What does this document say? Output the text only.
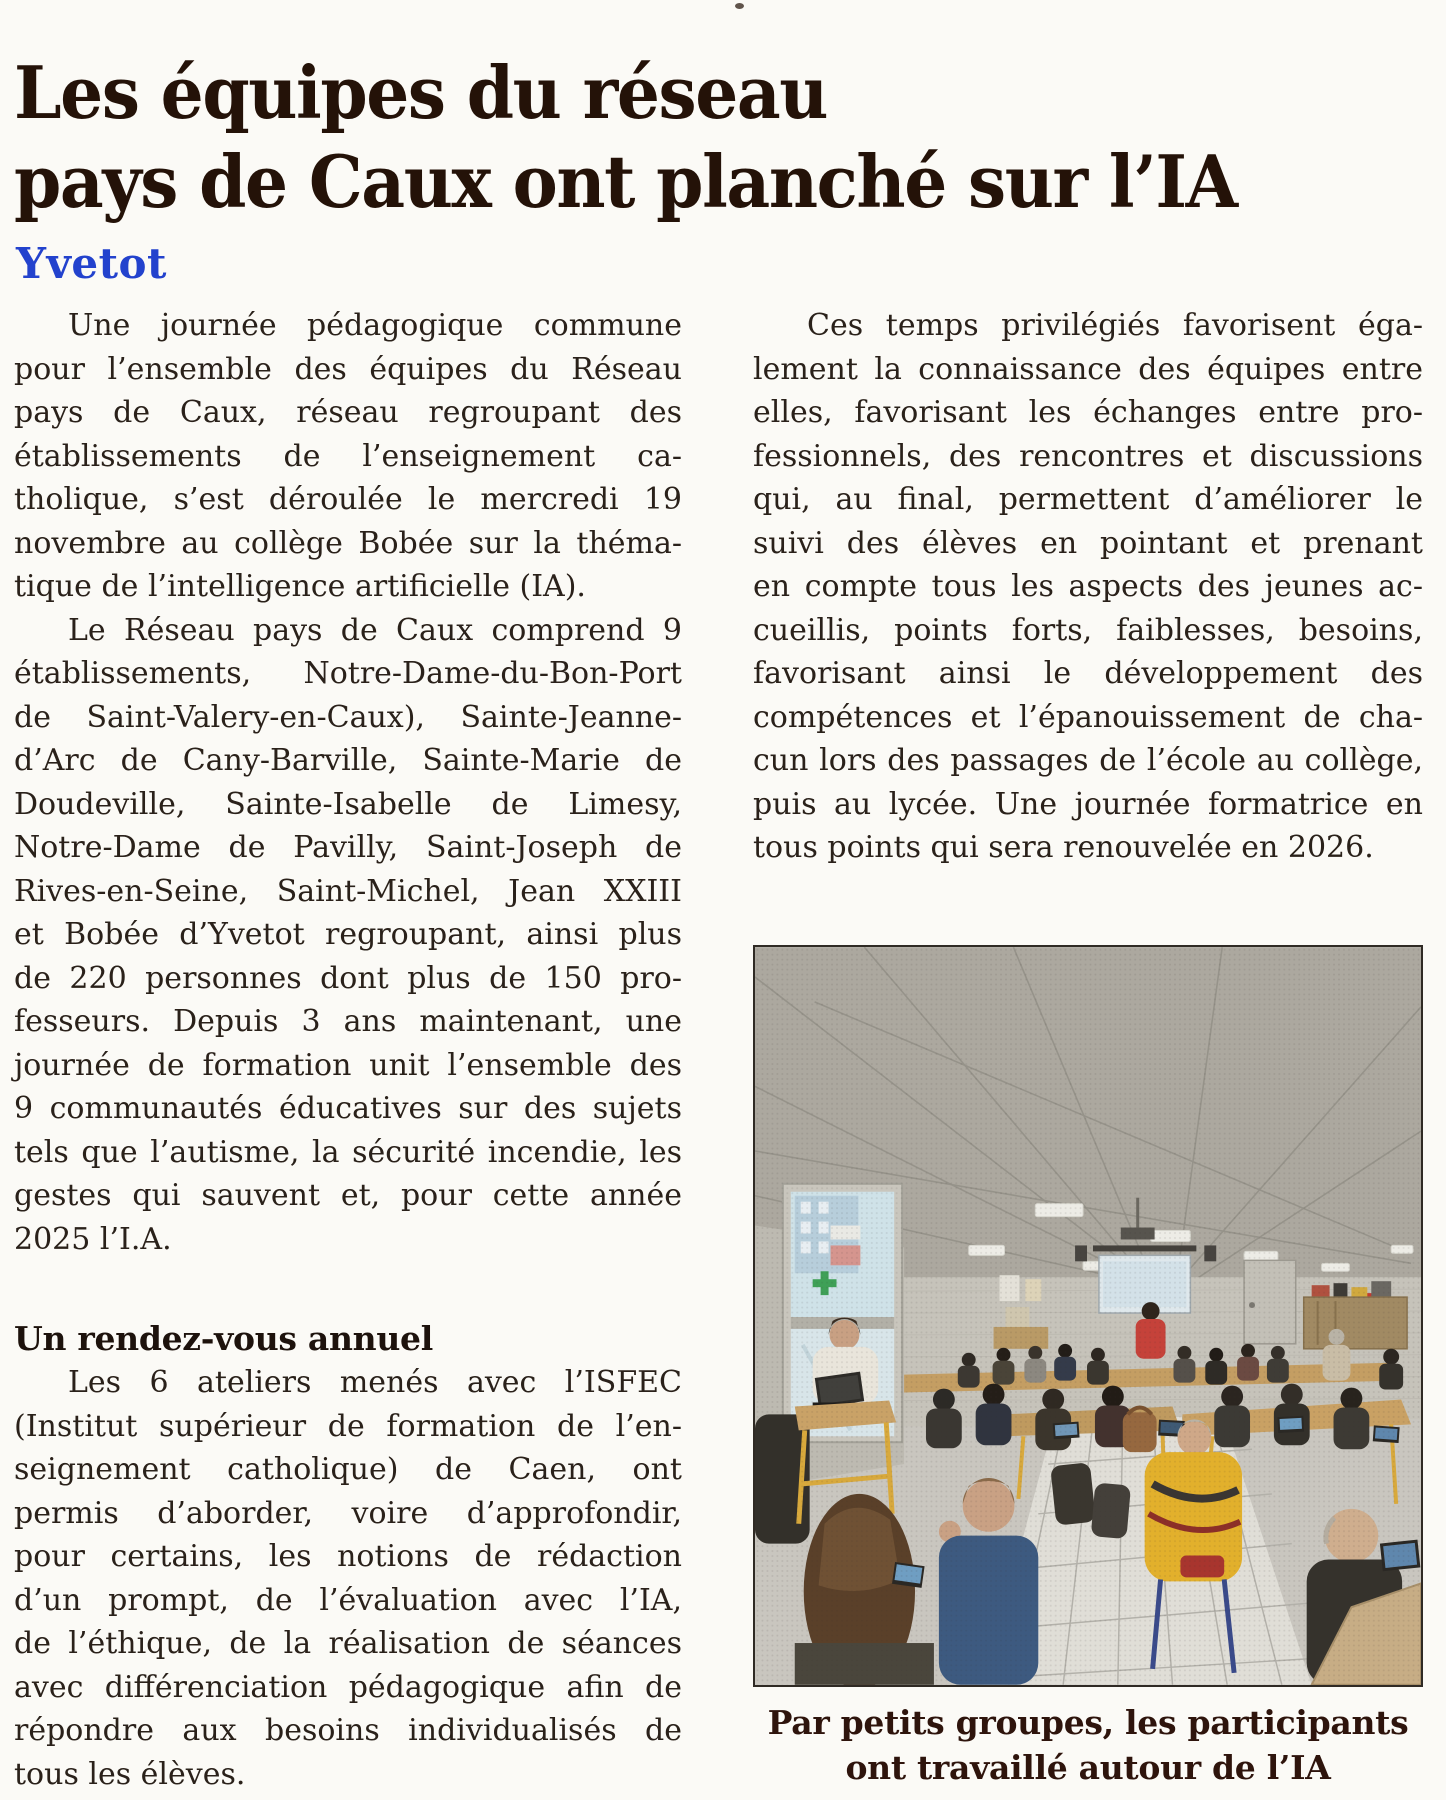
Les équipes du réseau
pays de Caux ont planché sur l’IA
Yvetot
Une journée pédagogique commune
pour l’ensemble des équipes du Réseau
pays de Caux, réseau regroupant des
établissements de l’enseignement ca-
tholique, s’est déroulée le mercredi 19
novembre au collège Bobée sur la théma-
tique de l’intelligence artificielle (IA).
Le Réseau pays de Caux comprend 9
établissements, Notre-Dame-du-Bon-Port
de Saint-Valery-en-Caux), Sainte-Jeanne-
d’Arc de Cany-Barville, Sainte-Marie de
Doudeville, Sainte-Isabelle de Limesy,
Notre-Dame de Pavilly, Saint-Joseph de
Rives-en-Seine, Saint-Michel, Jean XXIII
et Bobée d’Yvetot regroupant, ainsi plus
de 220 personnes dont plus de 150 pro-
fesseurs. Depuis 3 ans maintenant, une
journée de formation unit l’ensemble des
9 communautés éducatives sur des sujets
tels que l’autisme, la sécurité incendie, les
gestes qui sauvent et, pour cette année
2025 l’I.A.
Un rendez-vous annuel
Les 6 ateliers menés avec l’ISFEC
(Institut supérieur de formation de l’en-
seignement catholique) de Caen, ont
permis d’aborder, voire d’approfondir,
pour certains, les notions de rédaction
d’un prompt, de l’évaluation avec l’IA,
de l’éthique, de la réalisation de séances
avec différenciation pédagogique afin de
répondre aux besoins individualisés de
tous les élèves.
Ces temps privilégiés favorisent éga-
lement la connaissance des équipes entre
elles, favorisant les échanges entre pro-
fessionnels, des rencontres et discussions
qui, au final, permettent d’améliorer le
suivi des élèves en pointant et prenant
en compte tous les aspects des jeunes ac-
cueillis, points forts, faiblesses, besoins,
favorisant ainsi le développement des
compétences et l’épanouissement de cha-
cun lors des passages de l’école au collège,
puis au lycée. Une journée formatrice en
tous points qui sera renouvelée en 2026.
Par petits groupes, les participants
ont travaillé autour de l’IA
